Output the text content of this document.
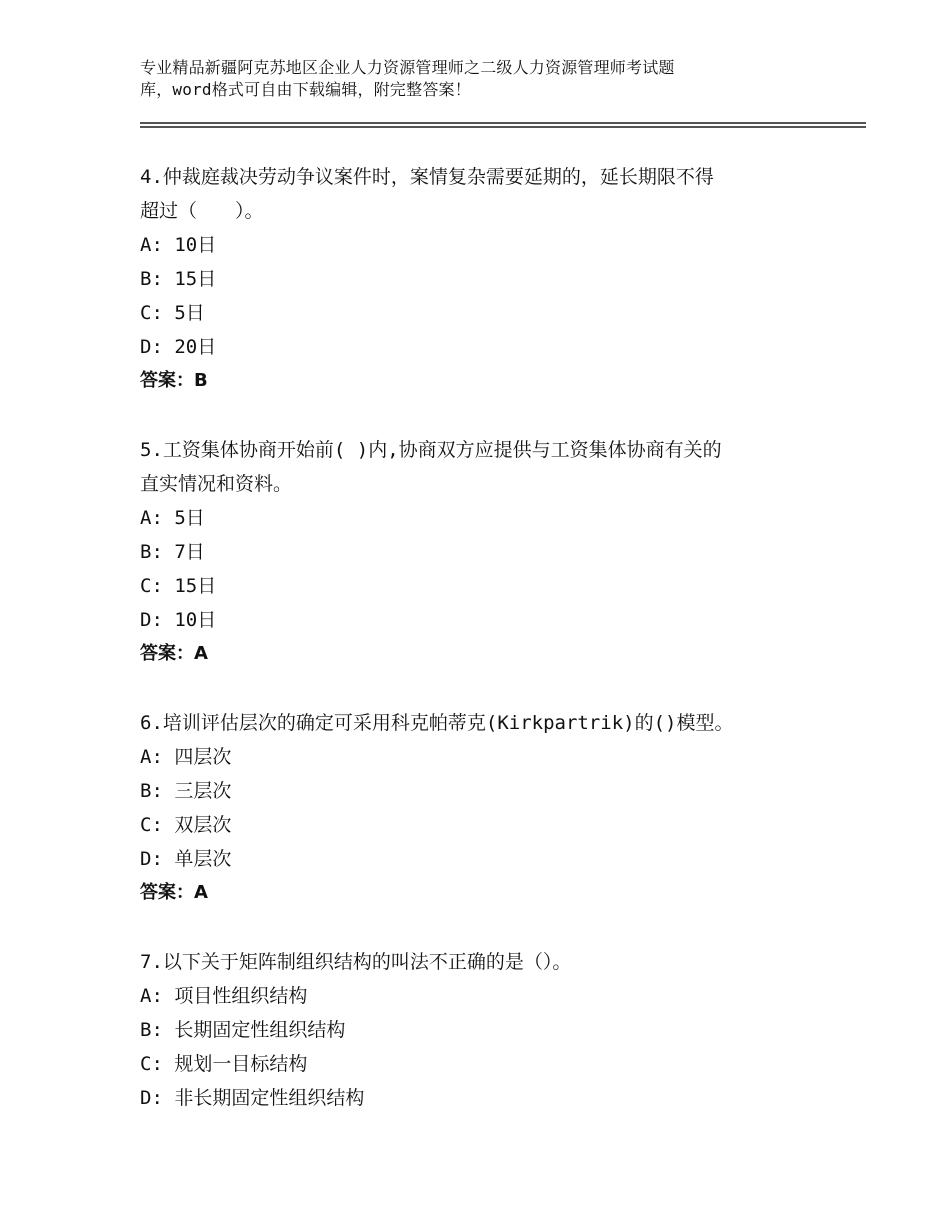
专业精品新疆阿克苏地区企业人力资源管理师之二级人力资源管理师考试题
库，word格式可自由下载编辑，附完整答案！
4.仲裁庭裁决劳动争议案件时，案情复杂需要延期的，延长期限不得
超过（　　）。
A: 10日
B: 15日
C: 5日
D: 20日
答案：B
5.工资集体协商开始前( )内,协商双方应提供与工资集体协商有关的
直实情况和资料。
A: 5日
B: 7日
C: 15日
D: 10日
答案：A
6.培训评估层次的确定可采用科克帕蒂克(Kirkpartrik)的()模型。
A: 四层次
B: 三层次
C: 双层次
D: 单层次
答案：A
7.以下关于矩阵制组织结构的叫法不正确的是（）。
A: 项目性组织结构
B: 长期固定性组织结构
C: 规划一目标结构
D: 非长期固定性组织结构
